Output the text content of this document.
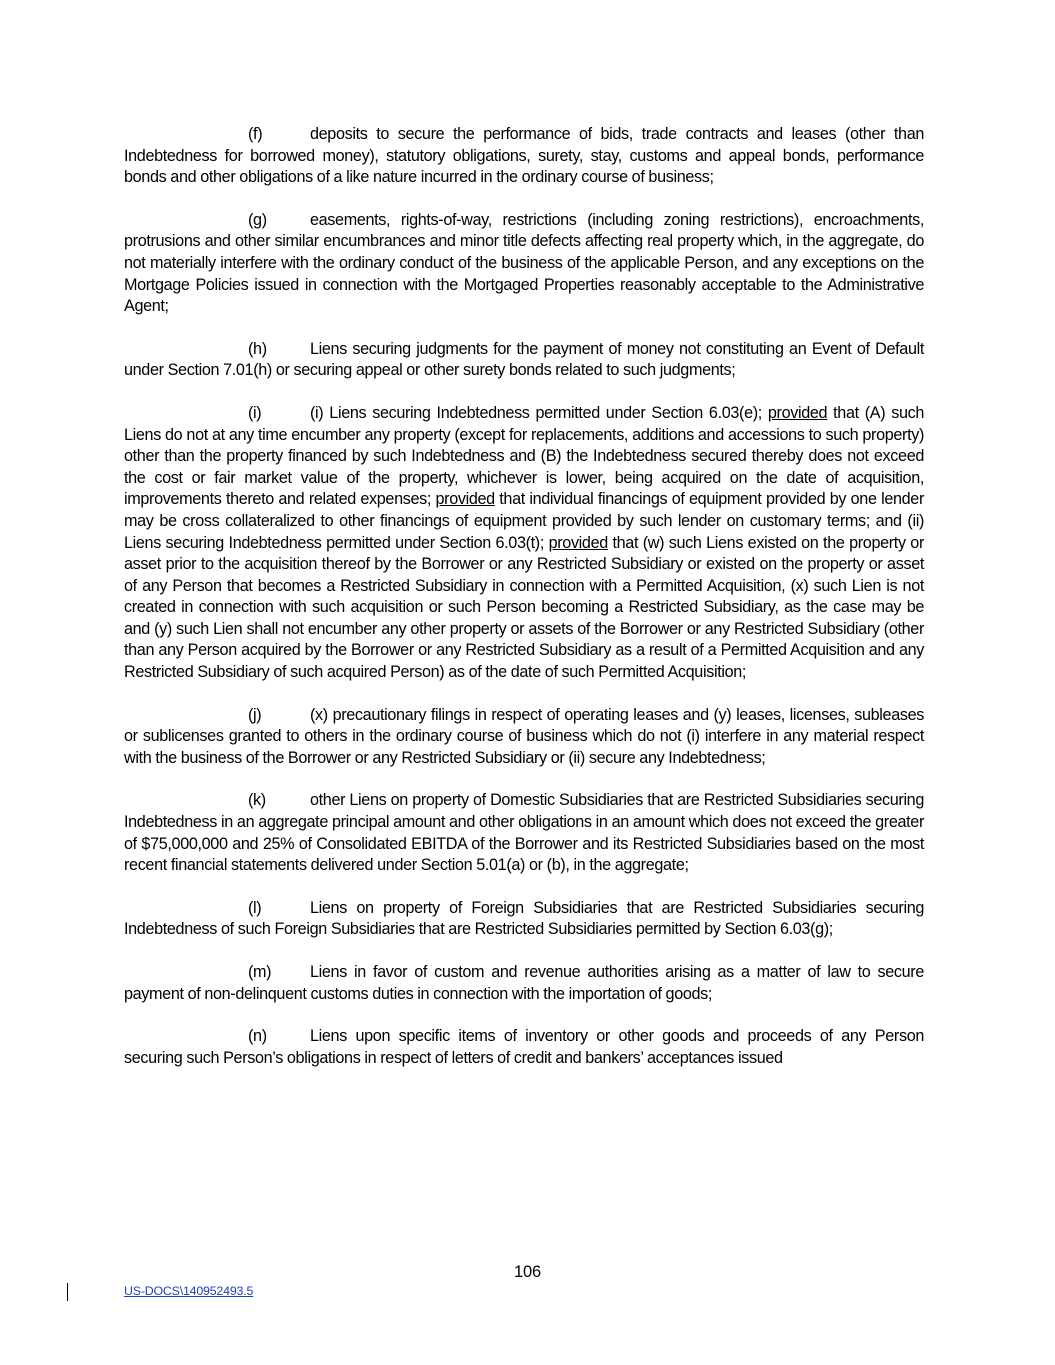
(f)	deposits to secure the performance of bids, trade contracts and leases (other than Indebtedness for borrowed money), statutory obligations, surety, stay, customs and appeal bonds, performance bonds and other obligations of a like nature incurred in the ordinary course of business;

(g)	easements, rights-of-way, restrictions (including zoning restrictions), encroachments, protrusions and other similar encumbrances and minor title defects affecting real property which, in the aggregate, do not materially interfere with the ordinary conduct of the business of the applicable Person, and any exceptions on the Mortgage Policies issued in connection with the Mortgaged Properties reasonably acceptable to the Administrative Agent;

(h)	Liens securing judgments for the payment of money not constituting an Event of Default under Section 7.01(h) or securing appeal or other surety bonds related to such judgments;

(i)	(i) Liens securing Indebtedness permitted under Section 6.03(e); provided that (A) such Liens do not at any time encumber any property (except for replacements, additions and accessions to such property) other than the property financed by such Indebtedness and (B) the Indebtedness secured thereby does not exceed the cost or fair market value of the property, whichever is lower, being acquired on the date of acquisition, improvements thereto and related expenses; provided that individual financings of equipment provided by one lender may be cross collateralized to other financings of equipment provided by such lender on customary terms; and (ii) Liens securing Indebtedness permitted under Section 6.03(t); provided that (w) such Liens existed on the property or asset prior to the acquisition thereof by the Borrower or any Restricted Subsidiary or existed on the property or asset of any Person that becomes a Restricted Subsidiary in connection with a Permitted Acquisition, (x) such Lien is not created in connection with such acquisition or such Person becoming a Restricted Subsidiary, as the case may be and (y) such Lien shall not encumber any other property or assets of the Borrower or any Restricted Subsidiary (other than any Person acquired by the Borrower or any Restricted Subsidiary as a result of a Permitted Acquisition and any Restricted Subsidiary of such acquired Person) as of the date of such Permitted Acquisition;

(j)	(x) precautionary filings in respect of operating leases and (y) leases, licenses, subleases or sublicenses granted to others in the ordinary course of business which do not (i) interfere in any material respect with the business of the Borrower or any Restricted Subsidiary or (ii) secure any Indebtedness;

(k)	other Liens on property of Domestic Subsidiaries that are Restricted Subsidiaries securing Indebtedness in an aggregate principal amount and other obligations in an amount which does not exceed the greater of $75,000,000 and 25% of Consolidated EBITDA of the Borrower and its Restricted Subsidiaries based on the most recent financial statements delivered under Section 5.01(a) or (b), in the aggregate;

(l)	Liens on property of Foreign Subsidiaries that are Restricted Subsidiaries securing Indebtedness of such Foreign Subsidiaries that are Restricted Subsidiaries permitted by Section 6.03(g);

(m) Liens in favor of custom and revenue authorities arising as a matter of law to secure payment of non-delinquent customs duties in connection with the importation of goods;

(n)	Liens upon specific items of inventory or other goods and proceeds of any Person securing such Person’s obligations in respect of letters of credit and bankers’ acceptances issued

106
US-DOCS\140952493.5
